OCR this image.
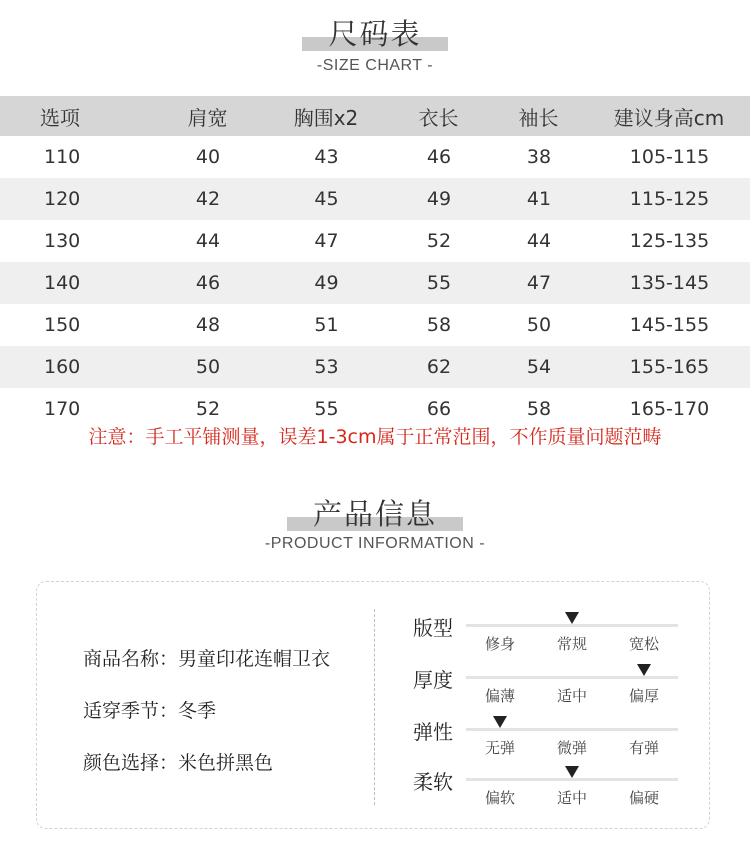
尺码表
-SIZE CHART -
选项	肩宽	胸围x2	衣长	袖长	建议身高cm
110	40	43	46	38	105-115
120	42	45	49	41	115-125
130	44	47	52	44	125-135
140	46	49	55	47	135-145
150	48	51	58	50	145-155
160	50	53	62	54	155-165
170	52	55	66	58	165-170
注意：手工平铺测量，误差1-3cm属于正常范围，不作质量问题范畴
产品信息
-PRODUCT INFORMATION -
商品名称：男童印花连帽卫衣
适穿季节：冬季
颜色选择：米色拼黑色
版型
修身	常规	宽松
厚度
偏薄	适中	偏厚
弹性
无弹	微弹	有弹
柔软
偏软	适中	偏硬
